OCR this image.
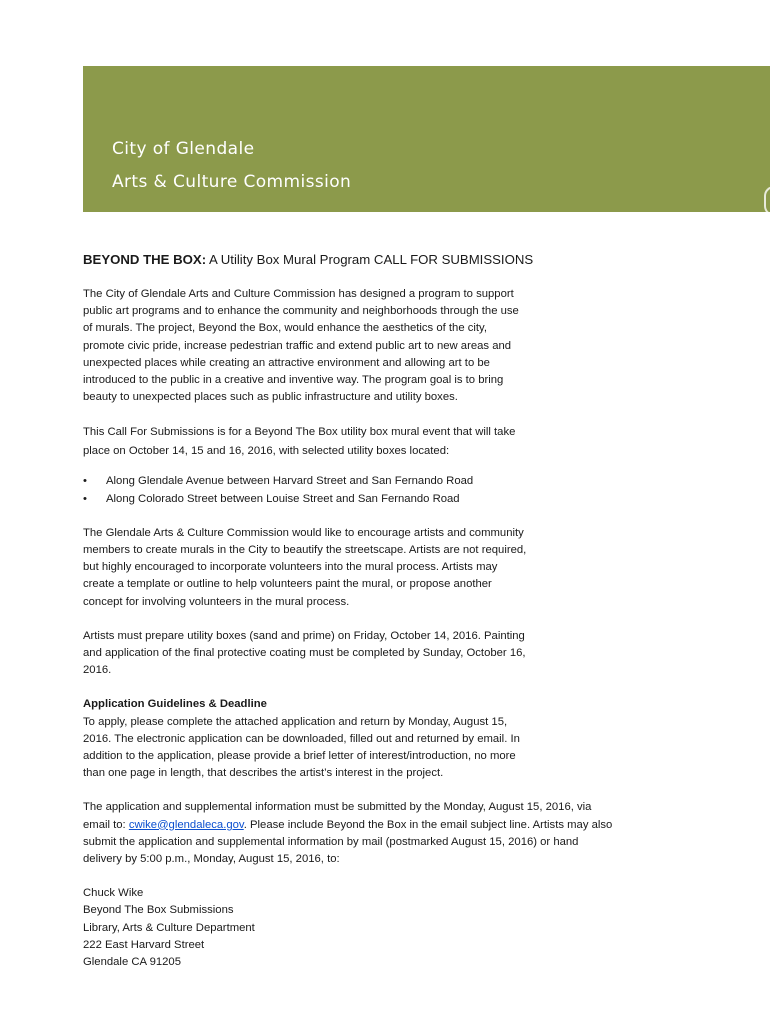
City of Glendale
Arts & Culture Commission
BEYOND THE BOX: A Utility Box Mural Program CALL FOR SUBMISSIONS
The City of Glendale Arts and Culture Commission has designed a program to support
public art programs and to enhance the community and neighborhoods through the use
of murals. The project, Beyond the Box, would enhance the aesthetics of the city,
promote civic pride, increase pedestrian traffic and extend public art to new areas and
unexpected places while creating an attractive environment and allowing art to be
introduced to the public in a creative and inventive way. The program goal is to bring
beauty to unexpected places such as public infrastructure and utility boxes.
This Call For Submissions is for a Beyond The Box utility box mural event that will take
place on October 14, 15 and 16, 2016, with selected utility boxes located:
• Along Glendale Avenue between Harvard Street and San Fernando Road
• Along Colorado Street between Louise Street and San Fernando Road
The Glendale Arts & Culture Commission would like to encourage artists and community
members to create murals in the City to beautify the streetscape. Artists are not required,
but highly encouraged to incorporate volunteers into the mural process. Artists may
create a template or outline to help volunteers paint the mural, or propose another
concept for involving volunteers in the mural process.
Artists must prepare utility boxes (sand and prime) on Friday, October 14, 2016. Painting
and application of the final protective coating must be completed by Sunday, October 16,
2016.
Application Guidelines & Deadline
To apply, please complete the attached application and return by Monday, August 15,
2016. The electronic application can be downloaded, filled out and returned by email. In
addition to the application, please provide a brief letter of interest/introduction, no more
than one page in length, that describes the artist’s interest in the project.
The application and supplemental information must be submitted by the Monday, August 15, 2016, via
email to: cwike@glendaleca.gov. Please include Beyond the Box in the email subject line. Artists may also
submit the application and supplemental information by mail (postmarked August 15, 2016) or hand
delivery by 5:00 p.m., Monday, August 15, 2016, to:
Chuck Wike
Beyond The Box Submissions
Library, Arts & Culture Department
222 East Harvard Street
Glendale CA 91205
